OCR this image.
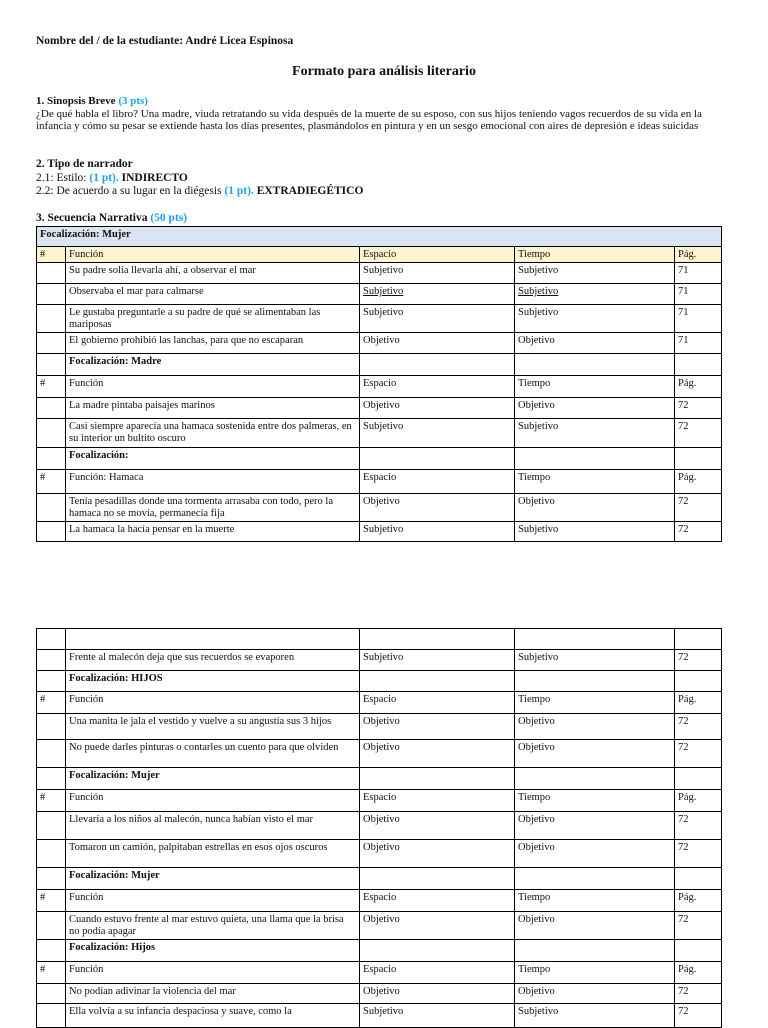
Nombre del / de la estudiante: André Licea Espinosa
Formato para análisis literario
1. Sinopsis Breve (3 pts)
¿De qué habla el libro? Una madre, viuda retratando su vida después de la muerte de su esposo, con sus hijos teniendo vagos recuerdos de su vida en la infancia y cómo su pesar se extiende hasta los días presentes, plasmándolos en pintura y en un sesgo emocional con aires de depresión e ideas suicidas
2. Tipo de narrador
2.1: Estilo: (1 pt). INDIRECTO
2.2: De acuerdo a su lugar en la diégesis (1 pt). EXTRADIEGÉTICO
3. Secuencia Narrativa (50 pts)
Focalización: Mujer				
#	Función	Espacio	Tiempo	Pág.
	Su padre solía llevarla ahí, a observar el mar	Subjetivo	Subjetivo	71
	Observaba el mar para calmarse	Subjetivo	Subjetivo	71
	Le gustaba preguntarle a su padre de qué se alimentaban las mariposas	Subjetivo	Subjetivo	71
	El gobierno prohibió las lanchas, para que no escaparan	Objetivo	Objetivo	71
	Focalización: Madre			
#	Función	Espacio	Tiempo	Pág.
	La madre pintaba paisajes marinos	Objetivo	Objetivo	72
	Casi siempre aparecía una hamaca sostenida entre dos palmeras, en su interior un bultito oscuro	Subjetivo	Subjetivo	72
	Focalización:			
#	Función: Hamaca	Espacio	Tiempo	Pág.
	Tenía pesadillas donde una tormenta arrasaba con todo, pero la hamaca no se movía, permanecía fija	Objetivo	Objetivo	72
	La hamaca la hacía pensar en la muerte	Subjetivo	Subjetivo	72

	Frente al malecón deja que sus recuerdos se evaporen	Subjetivo	Subjetivo	72
	Focalización: HIJOS			
#	Función	Espacio	Tiempo	Pág.
	Una manita le jala el vestido y vuelve a su angustia sus 3 hijos	Objetivo	Objetivo	72
	No puede darles pinturas o contarles un cuento para que olviden	Objetivo	Objetivo	72
	Focalización: Mujer			
#	Función	Espacio	Tiempo	Pág.
	Llevaría a los niños al malecón, nunca habían visto el mar	Objetivo	Objetivo	72
	Tomaron un camión, palpitaban estrellas en esos ojos oscuros	Objetivo	Objetivo	72
	Focalización: Mujer			
#	Función	Espacio	Tiempo	Pág.
	Cuando estuvo frente al mar estuvo quieta, una llama que la brisa no podía apagar	Objetivo	Objetivo	72
	Focalización: Hijos			
#	Función	Espacio	Tiempo	Pág.
	No podían adivinar la violencia del mar	Objetivo	Objetivo	72
	Ella volvía a su infancia despaciosa y suave, como la	Subjetivo	Subjetivo	72
